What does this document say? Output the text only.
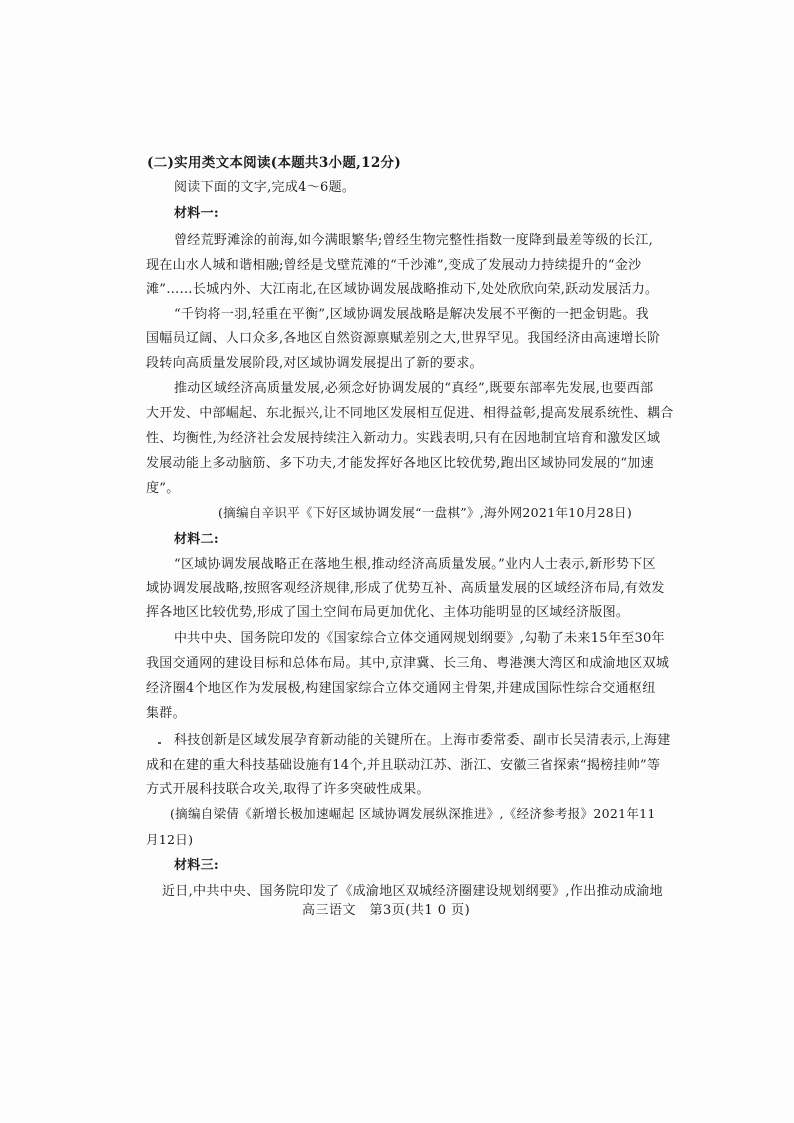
(二)实用类文本阅读(本题共3小题,12分)
阅读下面的文字,完成4～6题。
材料一:
曾经荒野滩涂的前海,如今满眼繁华;曾经生物完整性指数一度降到最差等级的长江,
现在山水人城和谐相融;曾经是戈壁荒滩的“千沙滩”,变成了发展动力持续提升的“金沙
滩”……长城内外、大江南北,在区域协调发展战略推动下,处处欣欣向荣,跃动发展活力。
“千钧将一羽,轻重在平衡”,区域协调发展战略是解决发展不平衡的一把金钥匙。我
国幅员辽阔、人口众多,各地区自然资源禀赋差别之大,世界罕见。我国经济由高速增长阶
段转向高质量发展阶段,对区域协调发展提出了新的要求。
推动区域经济高质量发展,必须念好协调发展的“真经”,既要东部率先发展,也要西部
大开发、中部崛起、东北振兴,让不同地区发展相互促进、相得益彰,提高发展系统性、耦合
性、均衡性,为经济社会发展持续注入新动力。实践表明,只有在因地制宜培育和激发区域
发展动能上多动脑筋、多下功夫,才能发挥好各地区比较优势,跑出区域协同发展的“加速
度”。
(摘编自辛识平《下好区域协调发展“一盘棋”》,海外网2021年10月28日)
材料二:
“区域协调发展战略正在落地生根,推动经济高质量发展。”业内人士表示,新形势下区
域协调发展战略,按照客观经济规律,形成了优势互补、高质量发展的区域经济布局,有效发
挥各地区比较优势,形成了国土空间布局更加优化、主体功能明显的区域经济版图。
中共中央、国务院印发的《国家综合立体交通网规划纲要》,勾勒了未来15年至30年
我国交通网的建设目标和总体布局。其中,京津冀、长三角、粤港澳大湾区和成渝地区双城
经济圈4个地区作为发展极,构建国家综合立体交通网主骨架,并建成国际性综合交通枢纽
集群。
科技创新是区域发展孕育新动能的关键所在。上海市委常委、副市长吴清表示,上海建
成和在建的重大科技基础设施有14个,并且联动江苏、浙江、安徽三省探索“揭榜挂帅”等
方式开展科技联合攻关,取得了许多突破性成果。
(摘编自梁倩《新增长极加速崛起 区域协调发展纵深推进》,《经济参考报》2021年11
月12日)
材料三:
近日,中共中央、国务院印发了《成渝地区双城经济圈建设规划纲要》,作出推动成渝地
高三语文　第3页(共1 0 页)
